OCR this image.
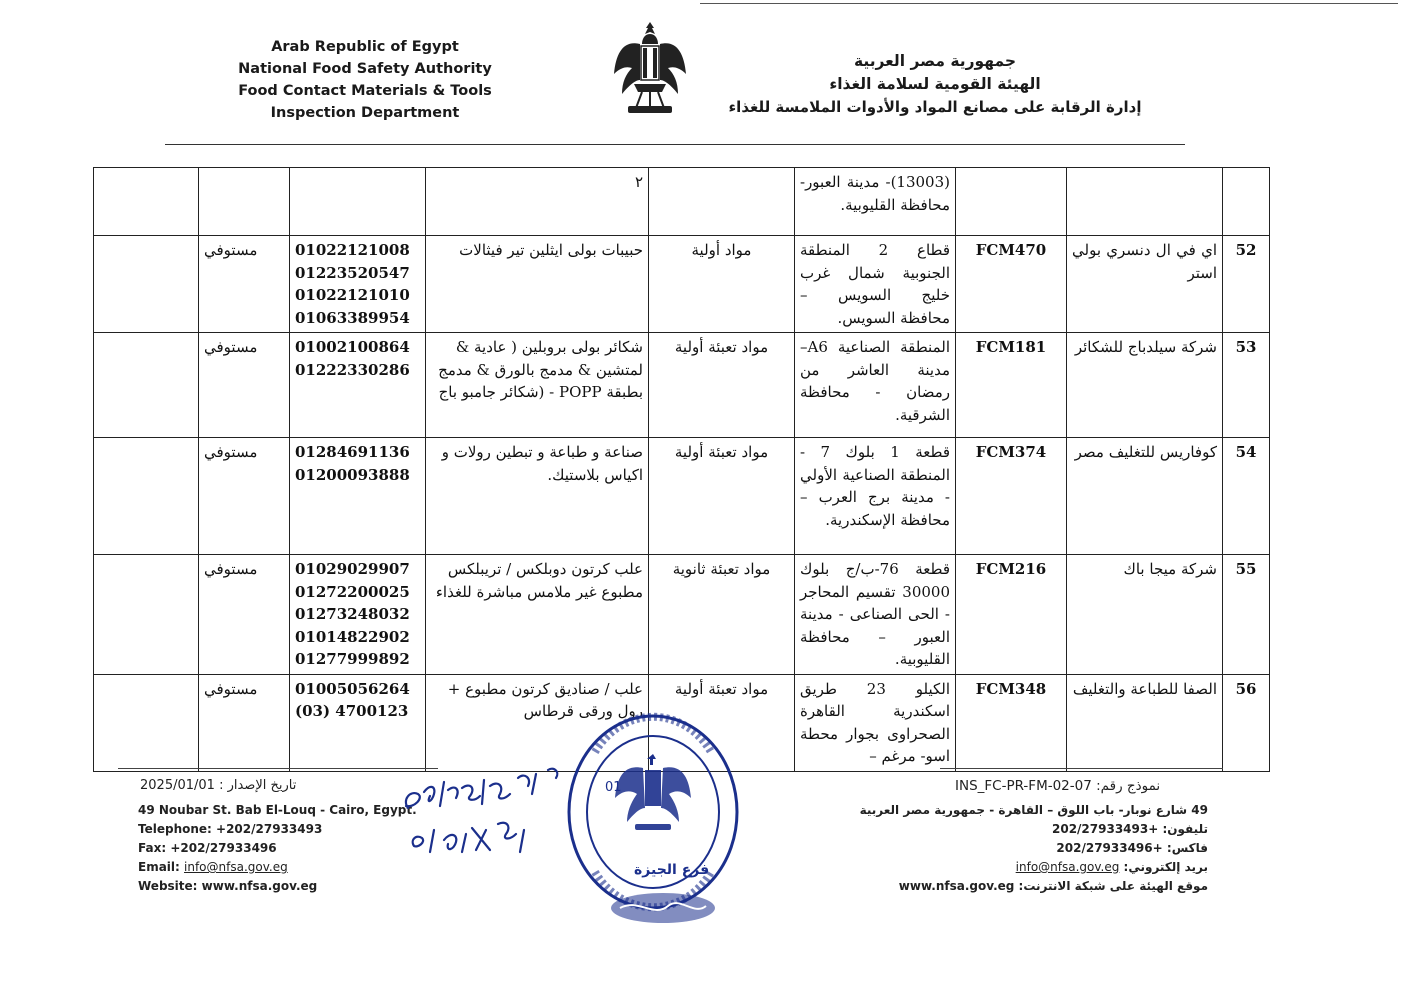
Arab Republic of Egypt
National Food Safety Authority
Food Contact Materials & Tools
Inspection Department
جمهورية مصر العربية
الهيئة القومية لسلامة الغذاء
إدارة الرقابة على مصانع المواد والأدوات الملامسة للغذاء
			(13003)- مدينة العبور- محافظة القليوبية.		٢			
52	اي في ال دنسري بولي استر	FCM470	قطاع 2 المنطقة الجنوبية شمال غرب خليج السويس – محافظة السويس.	مواد أولية	حبيبات بولى ايثلين تير فيثالات	01022121008
01223520547
01022121010
01063389954	مستوفي	
53	شركة سيلدباج للشكائر	FCM181	المنطقة الصناعية A6– مدينة العاشر من رمضان - محافظة الشرقية.	مواد تعبئة أولية	شكائر بولى بروبلين ( عادية & لمتشين & مدمج بالورق & مدمج بطبقة POPP - (شكائر جامبو باج	01002100864
01222330286	مستوفي	
54	كوفاريس للتغليف مصر	FCM374	قطعة 1 بلوك 7 - المنطقة الصناعية الأولي - مدينة برج العرب – محافظة الإسكندرية.	مواد تعبئة أولية	صناعة و طباعة و تبطين رولات و اكياس بلاستيك.	01284691136
01200093888	مستوفي	
55	شركة ميجا باك	FCM216	قطعة 76-ب/ج بلوك 30000 تقسيم المحاجر - الحى الصناعى - مدينة العبور – محافظة القليوبية.	مواد تعبئة ثانوية	علب كرتون دوبلكس / تريبلكس مطبوع غير ملامس مباشرة للغذاء	01029029907
01272200025
01273248032
01014822902
01277999892	مستوفي	
56	الصفا للطباعة والتغليف	FCM348	الكيلو 23 طريق اسكندرية القاهرة الصحراوى بجوار محطة اسو- مرغم –	مواد تعبئة أولية	علب / صناديق كرتون مطبوع + رول ورقى قرطاس	01005056264
(03) 4700123	مستوفي	
تاريخ الإصدار : 2025/01/01	نموذج رقم: INS_FC-PR-FM-02-07
49 Noubar St. Bab El-Louq - Cairo, Egypt.
Telephone: +202/27933493
Fax: +202/27933496
Email: info@nfsa.gov.eg
Website: www.nfsa.gov.eg
49 شارع نوبار- باب اللوق – القاهرة - جمهورية مصر العربية
تليفون: +202/27933493
فاكس: +202/27933496
بريد إلكتروني: info@nfsa.gov.eg
موقع الهيئة على شبكة الانترنت: www.nfsa.gov.eg
01
فرع الجيزة
